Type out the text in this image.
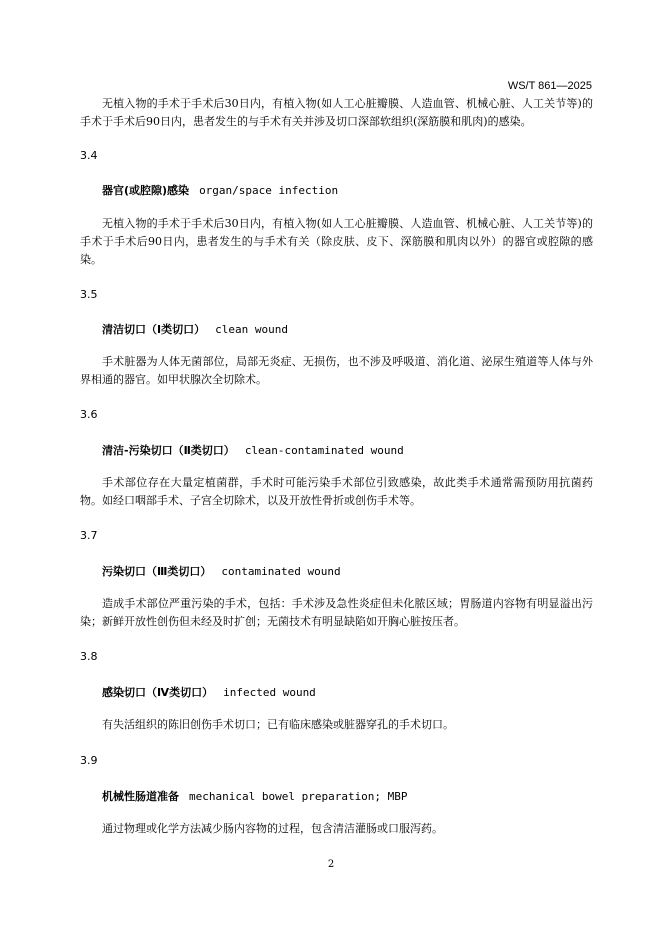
WS/T 861—2025
无植入物的手术于手术后30日内，有植入物(如人工心脏瓣膜、人造血管、机械心脏、人工关节等)的手术于手术后90日内，患者发生的与手术有关并涉及切口深部软组织(深筋膜和肌肉)的感染。
3.4
器官(或腔隙)感染 organ/space infection
无植入物的手术于手术后30日内，有植入物(如人工心脏瓣膜、人造血管、机械心脏、人工关节等)的手术于手术后90日内，患者发生的与手术有关（除皮肤、皮下、深筋膜和肌肉以外）的器官或腔隙的感染。
3.5
清洁切口（Ⅰ类切口） clean wound
手术脏器为人体无菌部位，局部无炎症、无损伤，也不涉及呼吸道、消化道、泌尿生殖道等人体与外界相通的器官。如甲状腺次全切除术。
3.6
清洁-污染切口（Ⅱ类切口） clean-contaminated wound
手术部位存在大量定植菌群，手术时可能污染手术部位引致感染，故此类手术通常需预防用抗菌药物。如经口咽部手术、子宫全切除术，以及开放性骨折或创伤手术等。
3.7
污染切口（Ⅲ类切口） contaminated wound
造成手术部位严重污染的手术，包括：手术涉及急性炎症但未化脓区域；胃肠道内容物有明显溢出污染；新鲜开放性创伤但未经及时扩创；无菌技术有明显缺陷如开胸心脏按压者。
3.8
感染切口（Ⅳ类切口） infected wound
有失活组织的陈旧创伤手术切口；已有临床感染或脏器穿孔的手术切口。
3.9
机械性肠道准备 mechanical bowel preparation; MBP
通过物理或化学方法减少肠内容物的过程，包含清洁灌肠或口服泻药。
2
